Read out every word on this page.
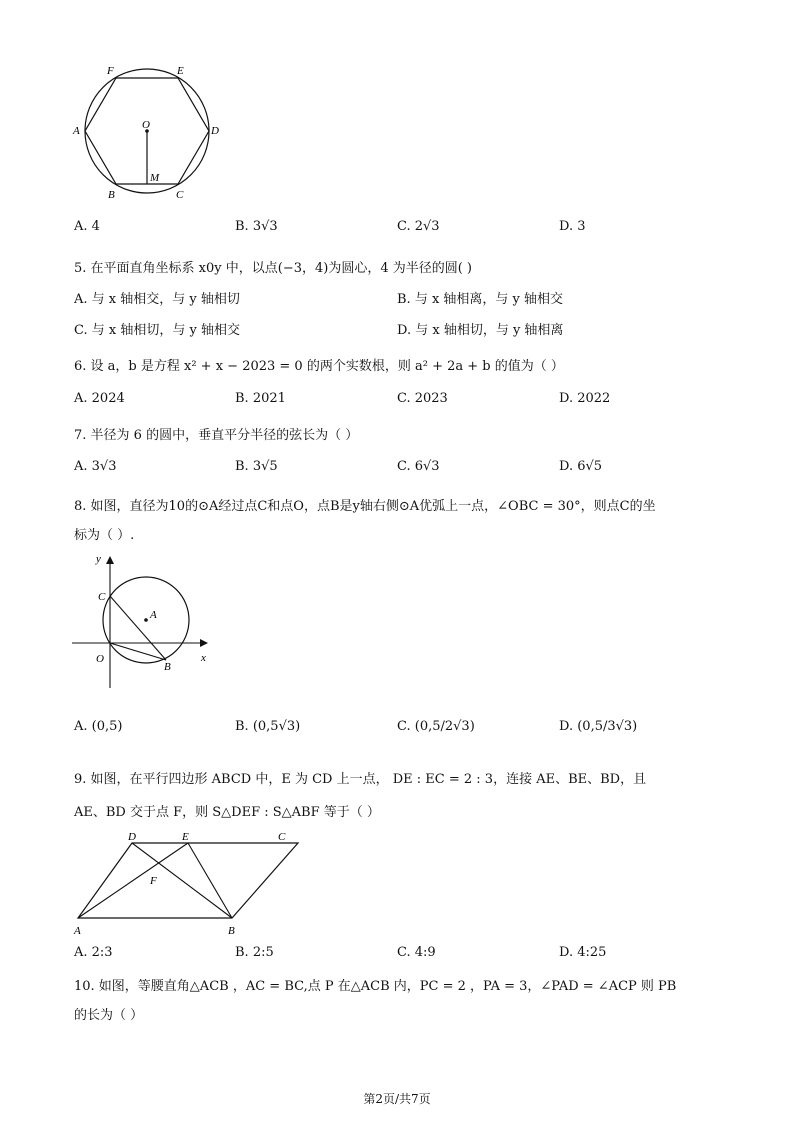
F	E
A	O	D
M
B	C
A. 4	B. 3√3	C. 2√3	D. 3
5. 在平面直角坐标系 x0y 中，以点(−3，4)为圆心，4 为半径的圆( )
A. 与 x 轴相交，与 y 轴相切	B. 与 x 轴相离，与 y 轴相交
C. 与 x 轴相切，与 y 轴相交	D. 与 x 轴相切，与 y 轴相离
6. 设 a，b 是方程 x² + x − 2023 = 0 的两个实数根，则 a² + 2a + b 的值为（ ）
A. 2024	B. 2021	C. 2023	D. 2022
7. 半径为 6 的圆中，垂直平分半径的弦长为（ ）
A. 3√3	B. 3√5	C. 6√3	D. 6√5
8. 如图，直径为10的⊙A经过点C和点O，点B是y轴右侧⊙A优弧上一点，∠OBC = 30°，则点C的坐
标为（ ）.
y
C
A
O	x
B
A. (0,5)	B. (0,5√3)	C. (0,5/2√3)	D. (0,5/3√3)
9. 如图，在平行四边形 ABCD 中，E 为 CD 上一点， DE : EC = 2 : 3，连接 AE、BE、BD，且
AE、BD 交于点 F，则 S△DEF : S△ABF 等于（ ）
D	E	C
F
A	B
A. 2:3	B. 2:5	C. 4:9	D. 4:25
10. 如图，等腰直角△ACB ，AC = BC,点 P 在△ACB 内，PC = 2 ，PA = 3，∠PAD = ∠ACP 则 PB
的长为（ ）
第2页/共7页
